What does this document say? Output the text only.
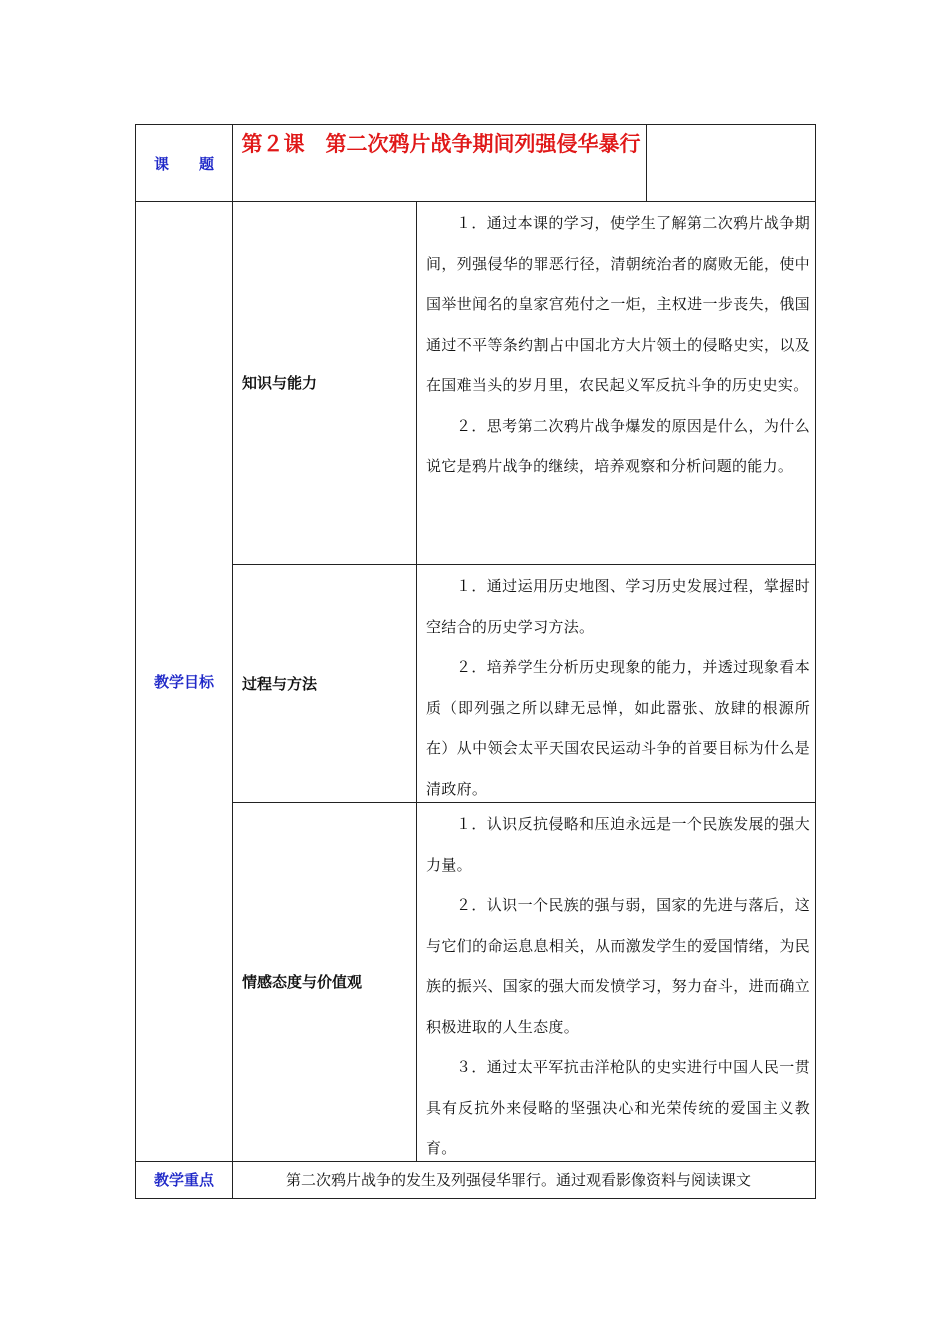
课　　题
第２课　第二次鸦片战争期间列强侵华暴行
教学目标
知识与能力

１．通过本课的学习，使学生了解第二次鸦片战争期间，列强侵华的罪恶行径，清朝统治者的腐败无能，使中国举世闻名的皇家宫苑付之一炬，主权进一步丧失，俄国通过不平等条约割占中国北方大片领土的侵略史实，以及在国难当头的岁月里，农民起义军反抗斗争的历史史实。

２．思考第二次鸦片战争爆发的原因是什么，为什么说它是鸦片战争的继续，培养观察和分析问题的能力。

过程与方法

１．通过运用历史地图、学习历史发展过程，掌握时空结合的历史学习方法。

２．培养学生分析历史现象的能力，并透过现象看本质（即列强之所以肆无忌惮，如此嚣张、放肆的根源所在）从中领会太平天国农民运动斗争的首要目标为什么是清政府。

情感态度与价值观

１．认识反抗侵略和压迫永远是一个民族发展的强大力量。

２．认识一个民族的强与弱，国家的先进与落后，这与它们的命运息息相关，从而激发学生的爱国情绪，为民族的振兴、国家的强大而发愤学习，努力奋斗，进而确立积极进取的人生态度。

３．通过太平军抗击洋枪队的史实进行中国人民一贯具有反抗外来侵略的坚强决心和光荣传统的爱国主义教育。

教学重点	第二次鸦片战争的发生及列强侵华罪行。通过观看影像资料与阅读课文
